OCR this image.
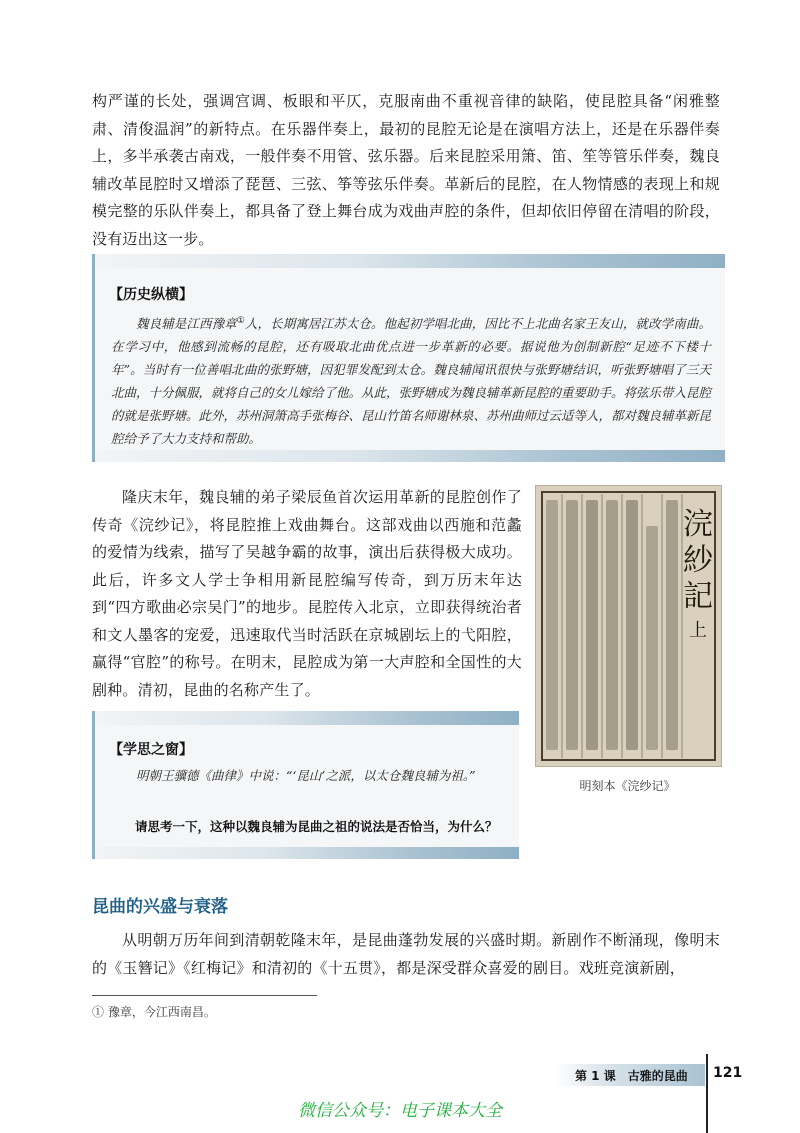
构严谨的长处，强调宫调、板眼和平仄，克服南曲不重视音律的缺陷，使昆腔具备“闲雅整肃、清俊温润”的新特点。在乐器伴奏上，最初的昆腔无论是在演唱方法上，还是在乐器伴奏上，多半承袭古南戏，一般伴奏不用管、弦乐器。后来昆腔采用箫、笛、笙等管乐伴奏，魏良辅改革昆腔时又增添了琵琶、三弦、筝等弦乐伴奏。革新后的昆腔，在人物情感的表现上和规模完整的乐队伴奏上，都具备了登上舞台成为戏曲声腔的条件，但却依旧停留在清唱的阶段，没有迈出这一步。

【历史纵横】

魏良辅是江西豫章①人，长期寓居江苏太仓。他起初学唱北曲，因比不上北曲名家王友山，就改学南曲。在学习中，他感到流畅的昆腔，还有吸取北曲优点进一步革新的必要。据说他为创制新腔“足迹不下楼十年”。当时有一位善唱北曲的张野塘，因犯罪发配到太仓。魏良辅闻讯很快与张野塘结识，听张野塘唱了三天北曲，十分佩服，就将自己的女儿嫁给了他。从此，张野塘成为魏良辅革新昆腔的重要助手。将弦乐带入昆腔的就是张野塘。此外，苏州洞箫高手张梅谷、昆山竹笛名师谢林泉、苏州曲师过云适等人，都对魏良辅革新昆腔给予了大力支持和帮助。

隆庆末年，魏良辅的弟子梁辰鱼首次运用革新的昆腔创作了传奇《浣纱记》，将昆腔推上戏曲舞台。这部戏曲以西施和范蠡的爱情为线索，描写了吴越争霸的故事，演出后获得极大成功。此后，许多文人学士争相用新昆腔编写传奇，到万历末年达到“四方歌曲必宗吴门”的地步。昆腔传入北京，立即获得统治者和文人墨客的宠爱，迅速取代当时活跃在京城剧坛上的弋阳腔，赢得“官腔”的称号。在明末，昆腔成为第一大声腔和全国性的大剧种。清初，昆曲的名称产生了。

浣
紗
記
上
明刻本《浣纱记》
【学思之窗】

明朝王骥德《曲律》中说：“‘昆山’之派，以太仓魏良辅为祖。”

请思考一下，这种以魏良辅为昆曲之祖的说法是否恰当，为什么？

昆曲的兴盛与衰落

从明朝万历年间到清朝乾隆末年，是昆曲蓬勃发展的兴盛时期。新剧作不断涌现，像明末的《玉簪记》《红梅记》和清初的《十五贯》，都是深受群众喜爱的剧目。戏班竞演新剧，

① 豫章，今江西南昌。
第 1 课　古雅的昆曲 121
微信公众号：电子课本大全
